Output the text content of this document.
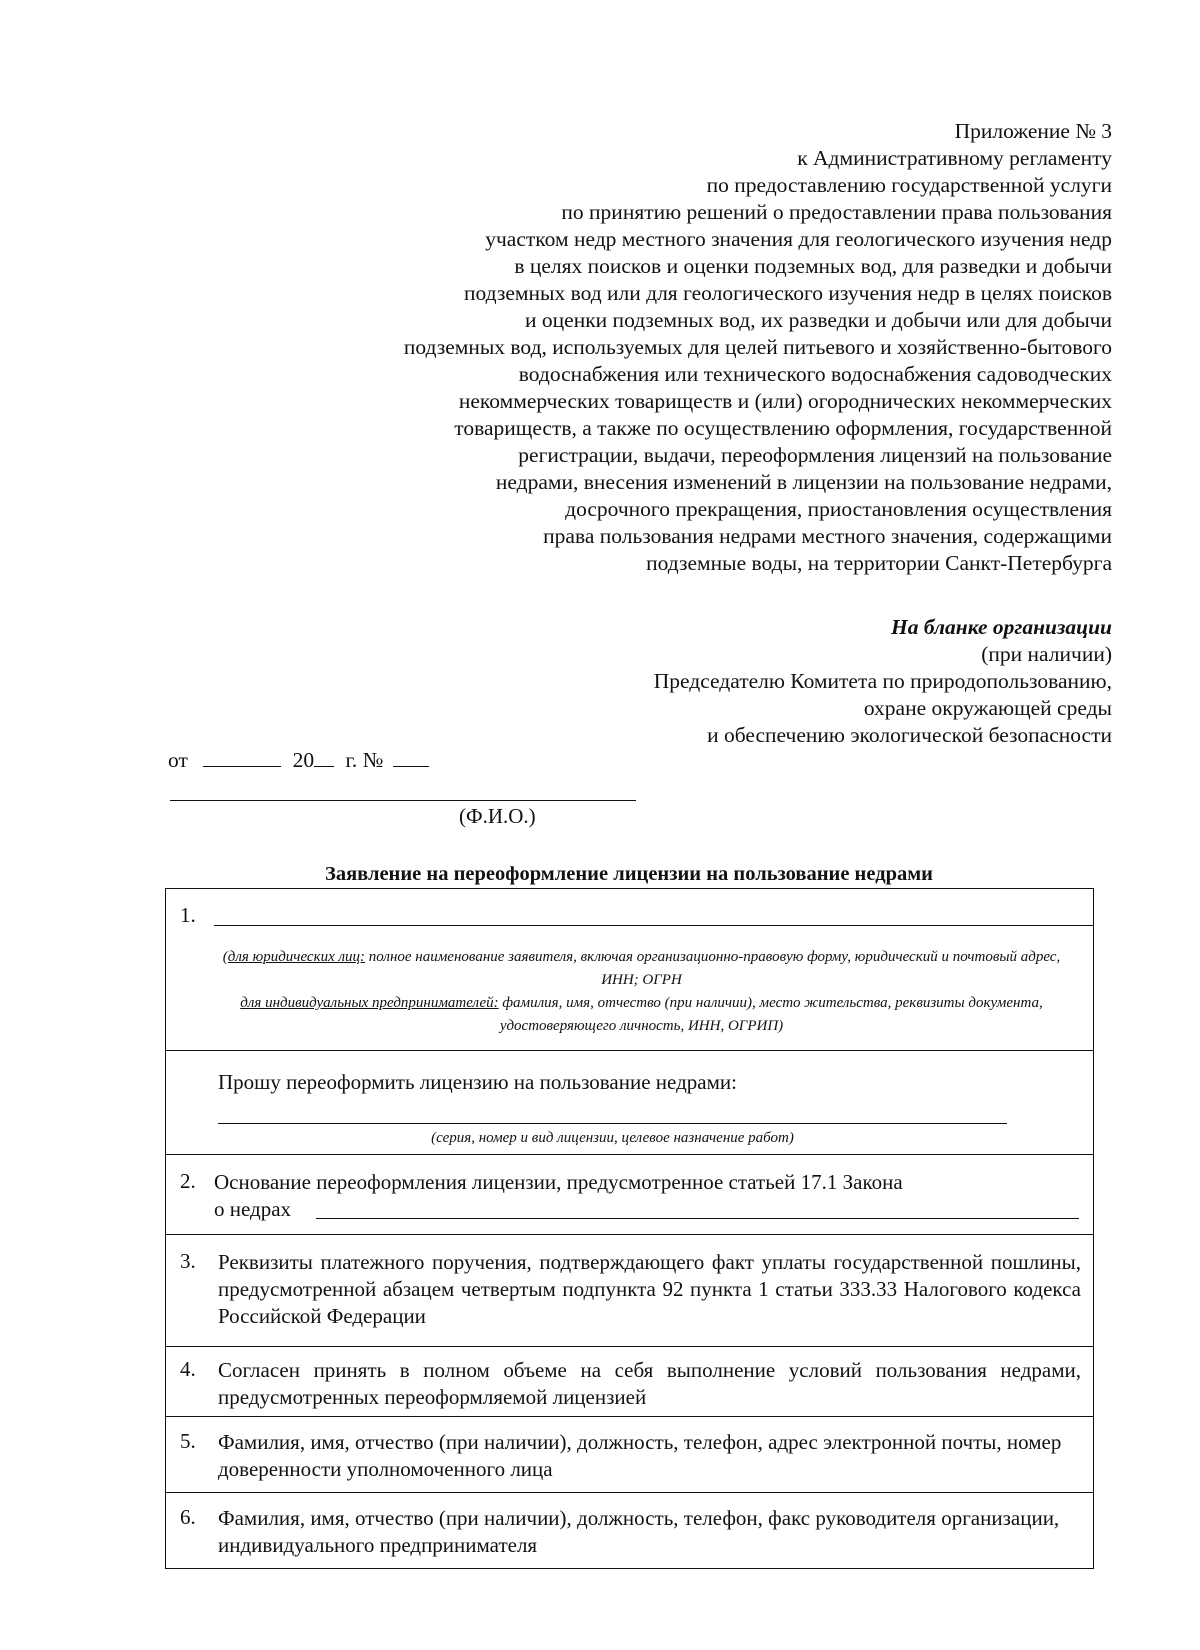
Приложение № 3
к Административному регламенту
по предоставлению государственной услуги
по принятию решений о предоставлении права пользования
участком недр местного значения для геологического изучения недр
в целях поисков и оценки подземных вод, для разведки и добычи
подземных вод или для геологического изучения недр в целях поисков
и оценки подземных вод, их разведки и добычи или для добычи
подземных вод, используемых для целей питьевого и хозяйственно-бытового
водоснабжения или технического водоснабжения садоводческих
некоммерческих товариществ и (или) огороднических некоммерческих
товариществ, а также по осуществлению оформления, государственной
регистрации, выдачи, переоформления лицензий на пользование
недрами, внесения изменений в лицензии на пользование недрами,
досрочного прекращения, приостановления осуществления
права пользования недрами местного значения, содержащими
подземные воды, на территории Санкт-Петербурга
На бланке организации
(при наличии)
Председателю Комитета по природопользованию,
охране окружающей среды
и обеспечению экологической безопасности
от	20 г. №
(Ф.И.О.)
Заявление на переоформление лицензии на пользование недрами
1.
(для юридических лиц: полное наименование заявителя, включая организационно-правовую форму, юридический и почтовый адрес, ИНН; ОГРН
для индивидуальных предпринимателей: фамилия, имя, отчество (при наличии), место жительства, реквизиты документа, удостоверяющего личность, ИНН, ОГРИП)
Прошу переоформить лицензию на пользование недрами:
(серия, номер и вид лицензии, целевое назначение работ)
2. Основание переоформления лицензии, предусмотренное статьей 17.1 Закона
о недрах
3.	Реквизиты платежного поручения, подтверждающего факт уплаты государственной пошлины, предусмотренной абзацем четвертым подпункта 92 пункта 1 статьи 333.33 Налогового кодекса Российской Федерации
4.	Согласен принять в полном объеме на себя выполнение условий пользования недрами, предусмотренных переоформляемой лицензией
5.	Фамилия, имя, отчество (при наличии), должность, телефон, адрес электронной почты, номер доверенности уполномоченного лица
6.	Фамилия, имя, отчество (при наличии), должность, телефон, факс руководителя организации, индивидуального предпринимателя
